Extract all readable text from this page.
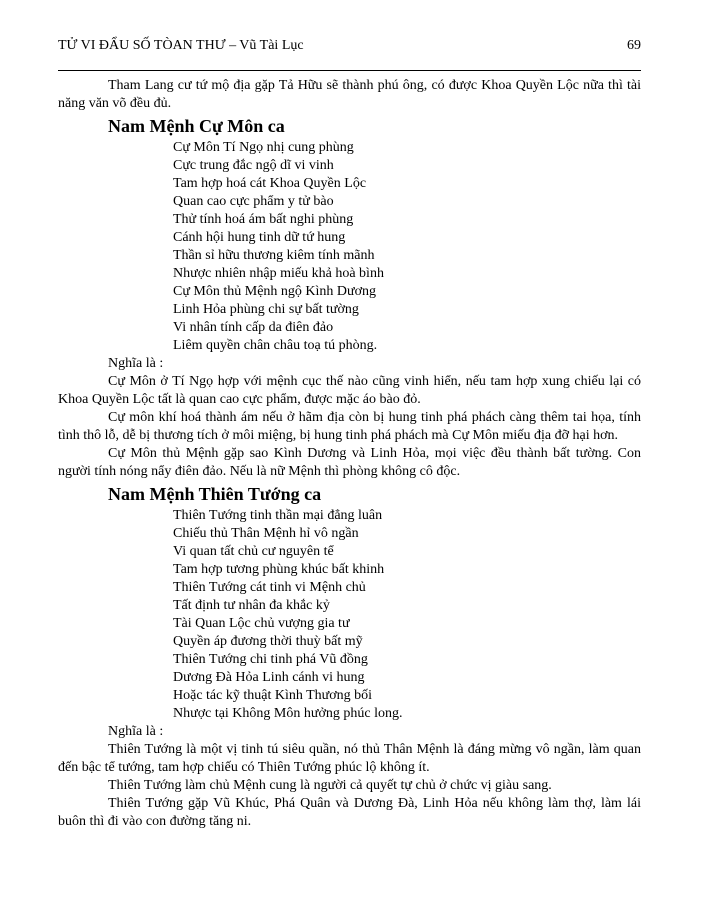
TỬ VI ĐẨU SỐ TÒAN THƯ – Vũ Tài Lục	69

Tham Lang cư tứ mộ địa gặp Tả Hữu sẽ thành phú ông, có được Khoa Quyền Lộc nữa thì tài năng văn võ đều đủ.

Nam Mệnh Cự Môn ca
Cự Môn Tí Ngọ nhị cung phùng
Cực trung đắc ngộ dĩ vi vinh
Tam hợp hoá cát Khoa Quyền Lộc
Quan cao cực phẩm y tử bào
Thử tính hoá ám bất nghi phùng
Cánh hội hung tinh dữ tứ hung
Thần sỉ hữu thương kiêm tính mãnh
Nhược nhiên nhập miếu khả hoà bình
Cự Môn thủ Mệnh ngộ Kình Dương
Linh Hỏa phùng chi sự bất tường
Vi nhân tính cấp da điên đảo
Liêm quyền chân châu toạ tú phòng.
Nghĩa là :

Cự Môn ở Tí Ngọ hợp với mệnh cục thế nào cũng vinh hiển, nếu tam hợp xung chiếu lại có Khoa Quyền Lộc tất là quan cao cực phẩm, được mặc áo bào đỏ.

Cự môn khí hoá thành ám nếu ở hãm địa còn bị hung tinh phá phách càng thêm tai họa, tính tình thô lỗ, dễ bị thương tích ở môi miệng, bị hung tinh phá phách mà Cự Môn miếu địa đỡ hại hơn.

Cự Môn thủ Mệnh gặp sao Kình Dương và Linh Hỏa, mọi việc đều thành bất tường. Con người tính nóng nẩy điên đảo. Nếu là nữ Mệnh thì phòng không cô độc.

Nam Mệnh Thiên Tướng ca
Thiên Tướng tinh thần mại đẳng luân
Chiếu thủ Thân Mệnh hỉ vô ngần
Vi quan tất chủ cư nguyên tể
Tam hợp tương phùng khúc bất khinh
Thiên Tướng cát tinh vi Mệnh chủ
Tất định tư nhân đa khắc kỷ
Tài Quan Lộc chủ vượng gia tư
Quyền áp đương thời thuỳ bất mỹ
Thiên Tướng chi tinh phá Vũ đồng
Dương Đà Hỏa Linh cánh vi hung
Hoặc tác kỹ thuật Kình Thương bối
Nhược tại Không Môn hưởng phúc long.
Nghĩa là :

Thiên Tướng là một vị tinh tú siêu quần, nó thủ Thân Mệnh là đáng mừng vô ngần, làm quan đến bậc tể tướng, tam hợp chiếu có Thiên Tướng phúc lộ không ít.

Thiên Tướng làm chủ Mệnh cung là người cả quyết tự chủ ở chức vị giàu sang.

Thiên Tướng gặp Vũ Khúc, Phá Quân và Dương Đà, Linh Hỏa nếu không làm thợ, làm lái buôn thì đi vào con đường tăng ni.
